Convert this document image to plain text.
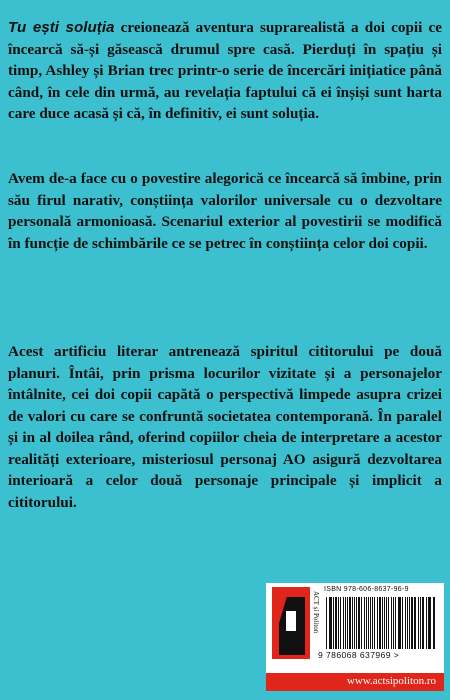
Tu ești soluția creionează aventura suprarealistă a doi copii ce încearcă să-și găsească drumul spre casă. Pierduți în spațiu și timp, Ashley și Brian trec printr-o serie de încercări inițiatice până când, în cele din urmă, au revelația faptului că ei înșiși sunt harta care duce acasă și că, în definitiv, ei sunt soluția.
Avem de-a face cu o povestire alegorică ce încearcă să îmbine, prin său firul narativ, conștiința valorilor universale cu o dezvoltare personală armonioasă. Scenariul exterior al povestirii se modifică în funcție de schimbările ce se petrec în conștiința celor doi copii.
Acest artificiu literar antrenează spiritul cititorului pe două planuri. Întâi, prin prisma locurilor vizitate și a personajelor întâlnite, cei doi copii capătă o perspectivă limpede asupra crizei de valori cu care se confruntă societatea contemporană. În paralel și in al doilea rând, oferind copiilor cheia de interpretare a acestor realități exterioare, misteriosul personaj AO asigură dezvoltarea interioară a celor două personaje principale și implicit a cititorului.
ACT și Politon
ISBN 978-606-8637-96-9
9 786068 637969 >
www.actsipoliton.ro
